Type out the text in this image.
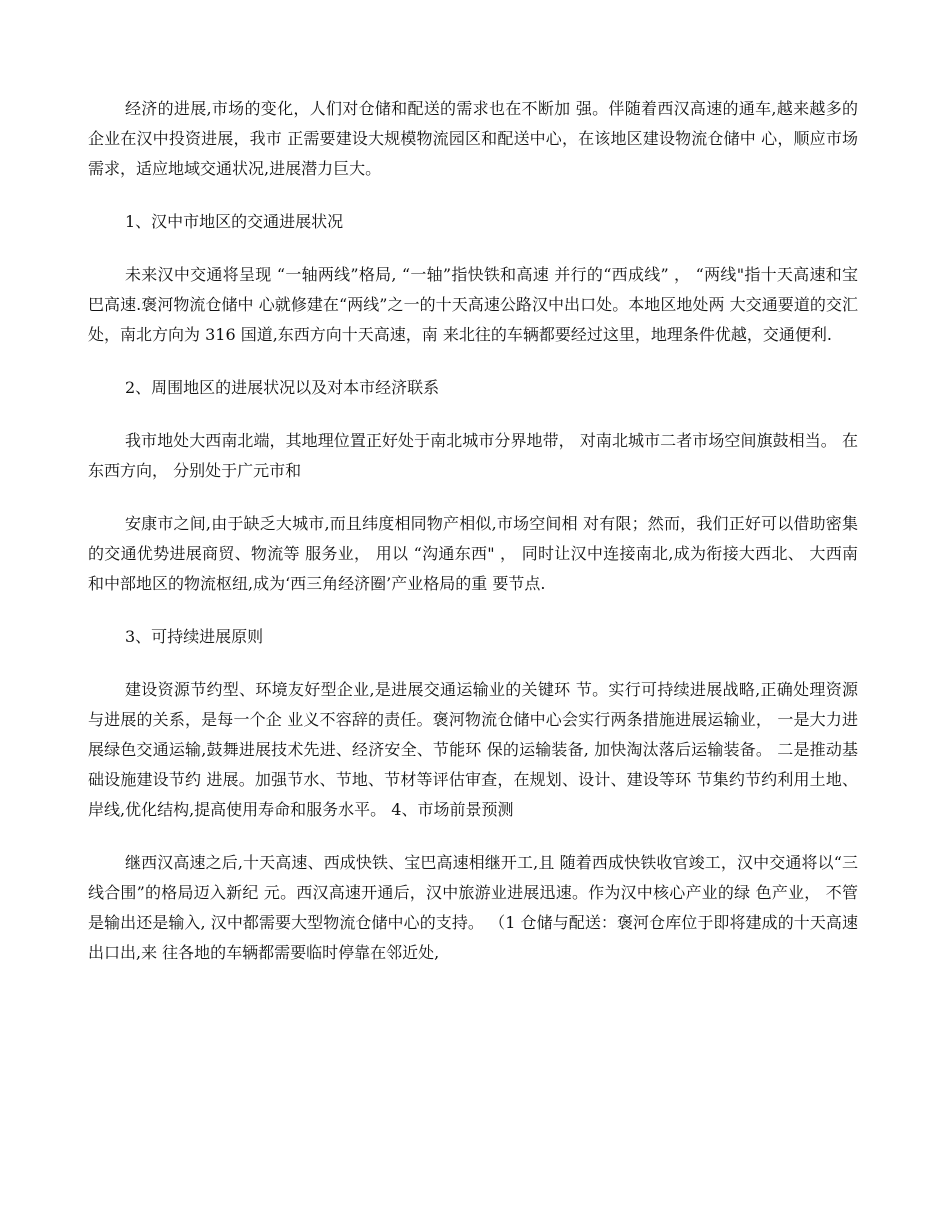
经济的进展,市场的变化，人们对仓储和配送的需求也在不断加 强。伴随着西汉高速的通车,越来越多的企业在汉中投资进展，我市 正需要建设大规模物流园区和配送中心，在该地区建设物流仓储中 心，顺应市场需求，适应地域交通状况,进展潜力巨大。

1、汉中市地区的交通进展状况

未来汉中交通将呈现 “一轴两线”格局, “一轴”指快铁和高速 并行的“西成线” ， “两线"指十天高速和宝巴高速.褒河物流仓储中 心就修建在“两线”之一的十天高速公路汉中出口处。本地区地处两 大交通要道的交汇处，南北方向为 316 国道,东西方向十天高速，南 来北往的车辆都要经过这里，地理条件优越，交通便利.

2、周围地区的进展状况以及对本市经济联系

我市地处大西南北端，其地理位置正好处于南北城市分界地带， 对南北城市二者市场空间旗鼓相当。 在东西方向， 分别处于广元市和

安康市之间,由于缺乏大城市,而且纬度相同物产相似,市场空间相 对有限；然而，我们正好可以借助密集的交通优势进展商贸、物流等 服务业， 用以 “沟通东西" ， 同时让汉中连接南北,成为衔接大西北、 大西南和中部地区的物流枢纽,成为‘西三角经济圈’产业格局的重 要节点.

3、可持续进展原则

建设资源节约型、环境友好型企业,是进展交通运输业的关键环 节。实行可持续进展战略,正确处理资源与进展的关系，是每一个企 业义不容辞的责任。褒河物流仓储中心会实行两条措施进展运输业， 一是大力进展绿色交通运输,鼓舞进展技术先进、经济安全、节能环 保的运输装备, 加快淘汰落后运输装备。 二是推动基础设施建设节约 进展。加强节水、节地、节材等评估审查，在规划、设计、建设等环 节集约节约利用土地、岸线,优化结构,提高使用寿命和服务水平。 4、市场前景预测

继西汉高速之后,十天高速、西成快铁、宝巴高速相继开工,且 随着西成快铁收官竣工，汉中交通将以“三线合围”的格局迈入新纪 元。西汉高速开通后，汉中旅游业进展迅速。作为汉中核心产业的绿 色产业， 不管是输出还是输入, 汉中都需要大型物流仓储中心的支持。 （1 仓储与配送：褒河仓库位于即将建成的十天高速出口出,来 往各地的车辆都需要临时停靠在邻近处,
